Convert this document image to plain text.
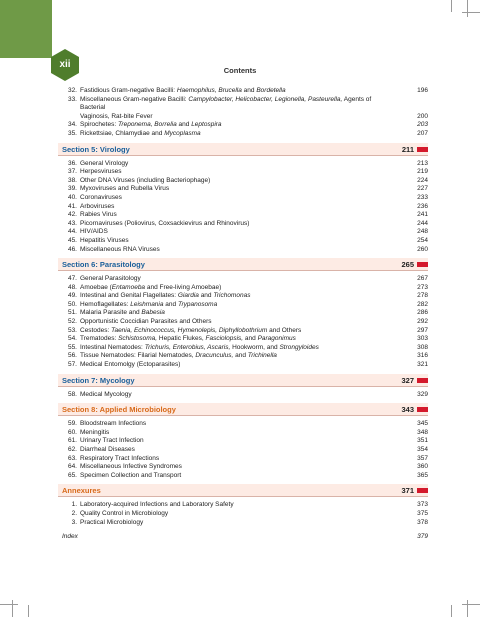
xii
Contents
32. Fastidious Gram-negative Bacilli: Haemophilus, Brucella and Bordetella	196
33. Miscellaneous Gram-negative Bacilli: Campylobacter, Helicobacter, Legionella, Pasteurella, Agents of Bacterial
Vaginosis, Rat-bite Fever	200
34. Spirochetes: Treponema, Borrelia and Leptospira	203
35. Rickettsiae, Chlamydiae and Mycoplasma	207
Section 5: Virology	211
36. General Virology	213
37. Herpesviruses	219
38. Other DNA Viruses (including Bacteriophage)	224
39. Myxoviruses and Rubella Virus	227
40. Coronaviruses	233
41. Arboviruses	236
42. Rabies Virus	241
43. Picornaviruses (Poliovirus, Coxsackievirus and Rhinovirus)	244
44. HIV/AIDS	248
45. Hepatitis Viruses	254
46. Miscellaneous RNA Viruses	260
Section 6: Parasitology	265
47. General Parasitology	267
48. Amoebae (Entamoeba and Free-living Amoebae)	273
49. Intestinal and Genital Flagellates: Giardia and Trichomonas	278
50. Hemoflagellates: Leishmania and Trypanosoma	282
51. Malaria Parasite and Babesia	286
52. Opportunistic Coccidian Parasites and Others	292
53. Cestodes: Taenia, Echinococcus, Hymenolepis, Diphyllobothrium and Others	297
54. Trematodes: Schistosoma, Hepatic Flukes, Fasciolopsis, and Paragonimus	303
55. Intestinal Nematodes: Trichuris, Enterobius, Ascaris, Hookworm, and Strongyloides	308
56. Tissue Nematodes: Filarial Nematodes, Dracunculus, and Trichinella	316
57. Medical Entomolgy (Ectoparasites)	321
Section 7: Mycology	327
58. Medical Mycology	329
Section 8: Applied Microbiology	343
59. Bloodstream Infections	345
60. Meningitis	348
61. Urinary Tract Infection	351
62. Diarrheal Diseases	354
63. Respiratory Tract Infections	357
64. Miscellaneous Infective Syndromes	360
65. Specimen Collection and Transport	365
Annexures	371
1. Laboratory-acquired Infections and Laboratory Safety	373
2. Quality Control in Microbiology	375
3. Practical Microbiology	378
Index	379
